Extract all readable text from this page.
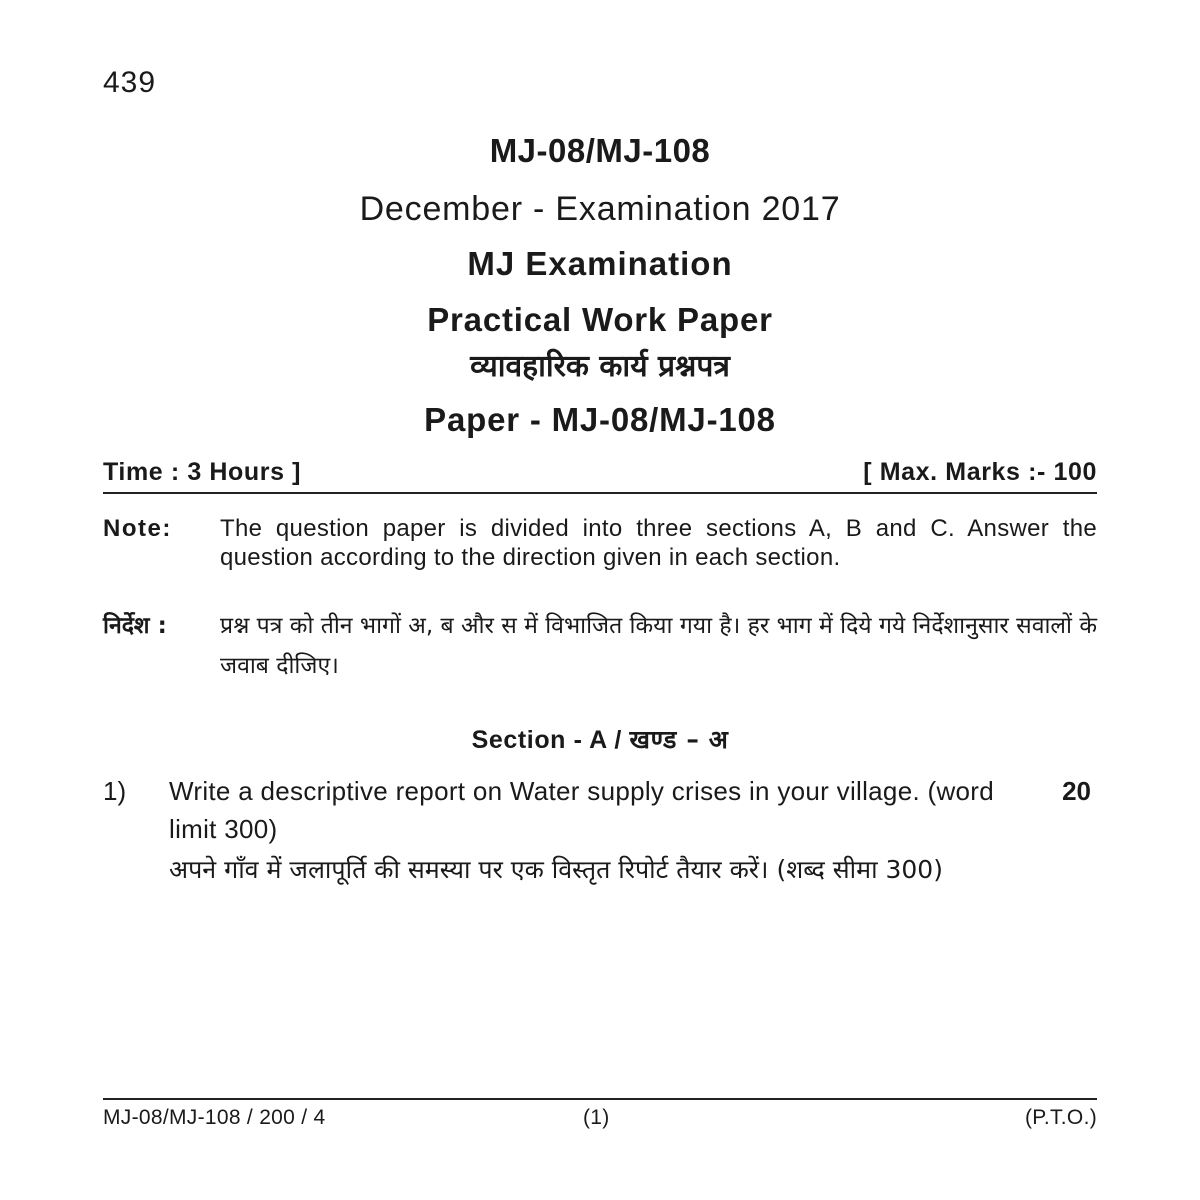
439
MJ-08/MJ-108
December - Examination 2017
MJ Examination
Practical Work Paper
व्यावहारिक कार्य प्रश्नपत्र
Paper - MJ-08/MJ-108
Time : 3 Hours ]	[ Max. Marks :- 100
Note: The question paper is divided into three sections A, B and C. Answer the question according to the direction given in each section.
निर्देश : प्रश्न पत्र को तीन भागों अ, ब और स में विभाजित किया गया है। हर भाग में दिये गये निर्देशानुसार सवालों के जवाब दीजिए।
Section - A / खण्ड – अ
1) Write a descriptive report on Water supply crises in your village. (word limit 300)
अपने गाँव में जलापूर्ति की समस्या पर एक विस्तृत रिपोर्ट तैयार करें। (शब्द सीमा 300)
20
MJ-08/MJ-108 / 200 / 4	(1)	(P.T.O.)
